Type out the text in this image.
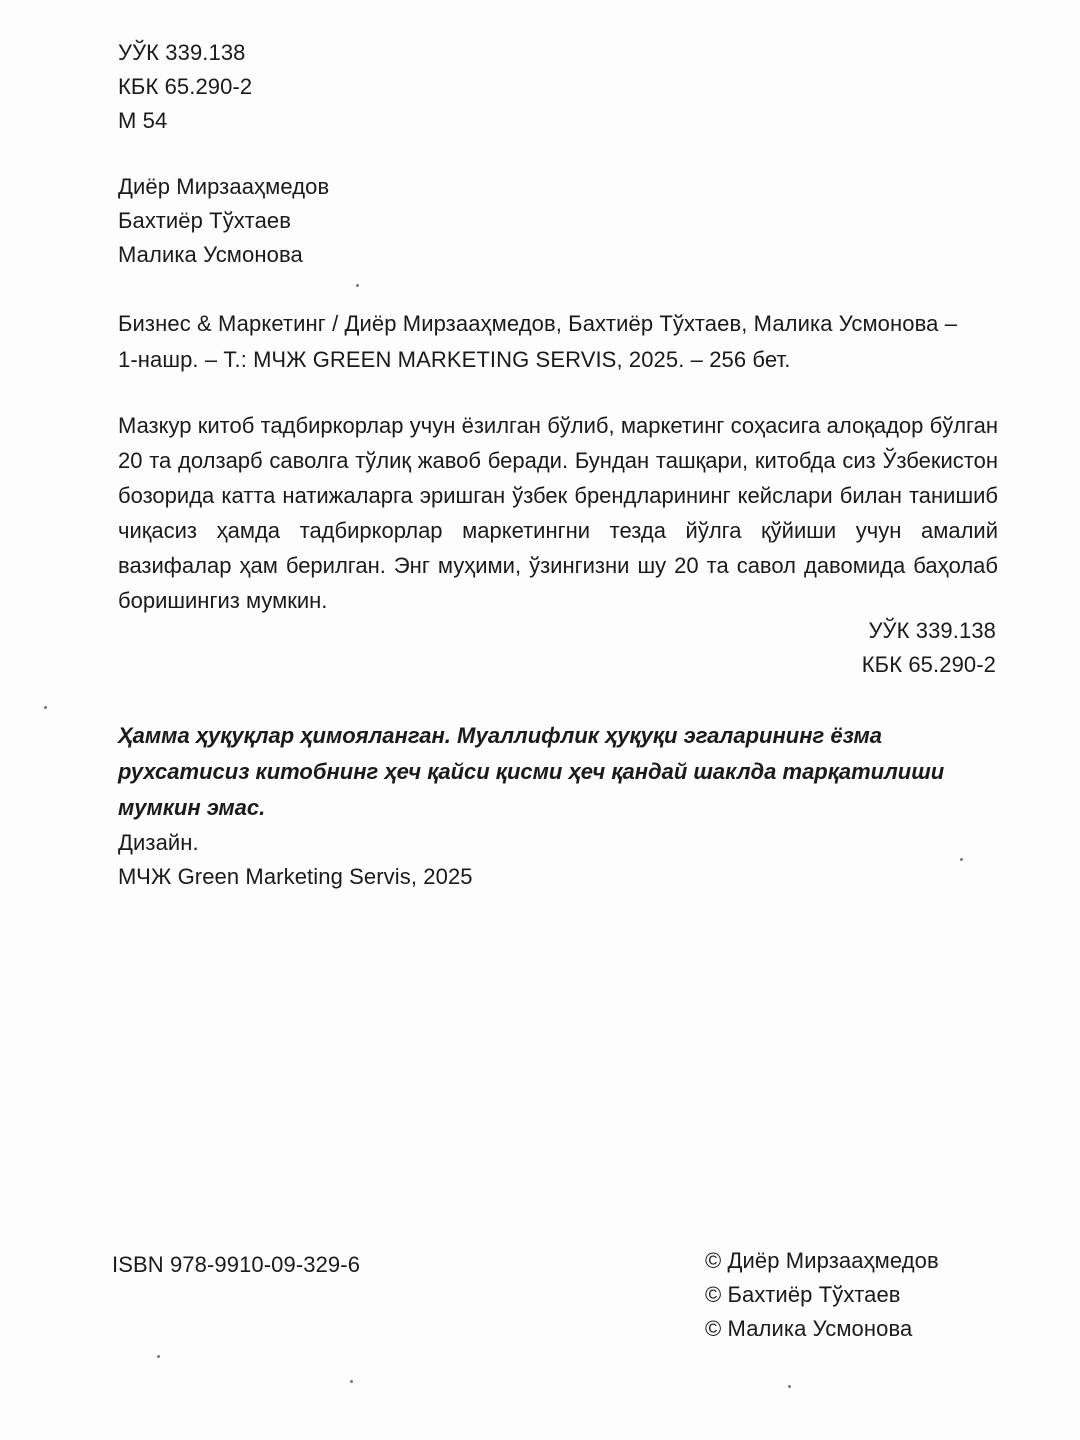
УЎК 339.138
КБК 65.290-2
М 54
Диёр Мирзааҳмедов
Бахтиёр Тўхтаев
Малика Усмонова
Бизнес & Маркетинг / Диёр Мирзааҳмедов, Бахтиёр Тўхтаев, Малика Усмонова –
1-нашр. – Т.: МЧЖ GREEN MARKETING SERVIS, 2025. – 256 бет.
Мазкур китоб тадбиркорлар учун ёзилган бўлиб, маркетинг соҳасига алоқадор бўлган 20 та долзарб саволга тўлиқ жавоб беради. Бундан ташқари, китобда сиз Ўзбекистон бозорида катта натижаларга эришган ўзбек брендларининг кейслари билан танишиб чиқасиз ҳамда тадбиркорлар маркетингни тезда йўлга қўйиши учун амалий вазифалар ҳам берилган. Энг муҳими, ўзингизни шу 20 та савол давомида баҳолаб боришингиз мумкин.
УЎК 339.138
КБК 65.290-2
Ҳамма ҳуқуқлар ҳимояланган. Муаллифлик ҳуқуқи эгаларининг ёзма рухсатисиз китобнинг ҳеч қайси қисми ҳеч қандай шаклда тарқатилиши мумкин эмас.
Дизайн.
МЧЖ Green Marketing Servis, 2025
ISBN 978-9910-09-329-6	© Диёр Мирзааҳмедов
© Бахтиёр Тўхтаев
© Малика Усмонова
